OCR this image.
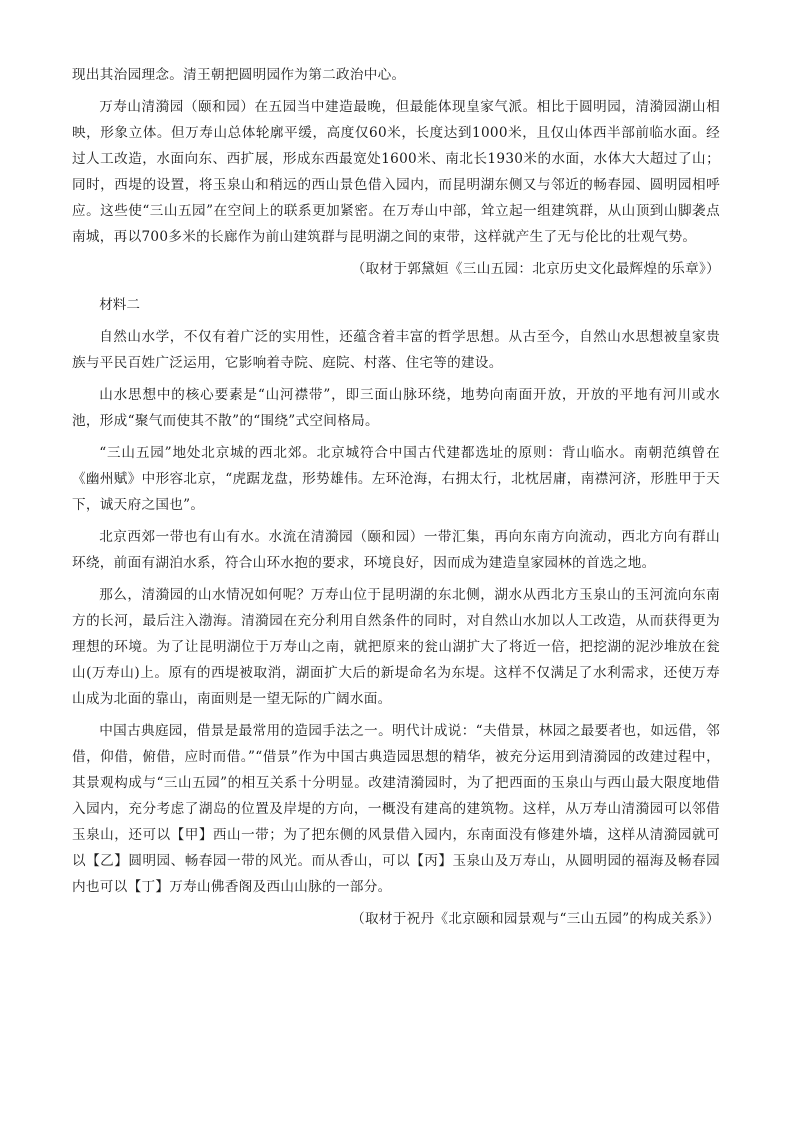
现出其治园理念。清王朝把圆明园作为第二政治中心。

万寿山清漪园（颐和园）在五园当中建造最晚，但最能体现皇家气派。相比于圆明园，清漪园湖山相映，形象立体。但万寿山总体轮廓平缓，高度仅60米，长度达到1000米，且仅山体西半部前临水面。经过人工改造，水面向东、西扩展，形成东西最宽处1600米、南北长1930米的水面，水体大大超过了山；同时，西堤的设置，将玉泉山和稍远的西山景色借入园内，而昆明湖东侧又与邻近的畅春园、圆明园相呼应。这些使“三山五园”在空间上的联系更加紧密。在万寿山中部，耸立起一组建筑群，从山顶到山脚袭点南城，再以700多米的长廊作为前山建筑群与昆明湖之间的束带，这样就产生了无与伦比的壮观气势。

（取材于郭黛姮《三山五园：北京历史文化最辉煌的乐章》）

材料二

自然山水学，不仅有着广泛的实用性，还蕴含着丰富的哲学思想。从古至今，自然山水思想被皇家贵族与平民百姓广泛运用，它影响着寺院、庭院、村落、住宅等的建设。

山水思想中的核心要素是“山河襟带”，即三面山脉环绕，地势向南面开放，开放的平地有河川或水池，形成“聚气而使其不散”的“围绕”式空间格局。

“三山五园”地处北京城的西北郊。北京城符合中国古代建都选址的原则：背山临水。南朝范缜曾在《幽州赋》中形容北京，“虎踞龙盘，形势雄伟。左环沧海，右拥太行，北枕居庸，南襟河济，形胜甲于天下，诚天府之国也”。

北京西郊一带也有山有水。水流在清漪园（颐和园）一带汇集，再向东南方向流动，西北方向有群山环绕，前面有湖泊水系，符合山环水抱的要求，环境良好，因而成为建造皇家园林的首选之地。

那么，清漪园的山水情况如何呢？万寿山位于昆明湖的东北侧，湖水从西北方玉泉山的玉河流向东南方的长河，最后注入渤海。清漪园在充分利用自然条件的同时，对自然山水加以人工改造，从而获得更为理想的环境。为了让昆明湖位于万寿山之南，就把原来的瓮山湖扩大了将近一倍，把挖湖的泥沙堆放在瓮山(万寿山)上。原有的西堤被取消，湖面扩大后的新堤命名为东堤。这样不仅满足了水利需求，还使万寿山成为北面的靠山，南面则是一望无际的广阔水面。

中国古典庭园，借景是最常用的造园手法之一。明代计成说：“夫借景，林园之最要者也，如远借，邻借，仰借，俯借，应时而借。”“借景”作为中国古典造园思想的精华，被充分运用到清漪园的改建过程中，其景观构成与“三山五园”的相互关系十分明显。改建清漪园时，为了把西面的玉泉山与西山最大限度地借入园内，充分考虑了湖岛的位置及岸堤的方向，一概没有建高的建筑物。这样，从万寿山清漪园可以邻借玉泉山，还可以【甲】西山一带；为了把东侧的风景借入园内，东南面没有修建外墙，这样从清漪园就可以【乙】圆明园、畅春园一带的风光。而从香山，可以【丙】玉泉山及万寿山，从圆明园的福海及畅春园内也可以【丁】万寿山佛香阁及西山山脉的一部分。

（取材于祝丹《北京颐和园景观与“三山五园”的构成关系》）
